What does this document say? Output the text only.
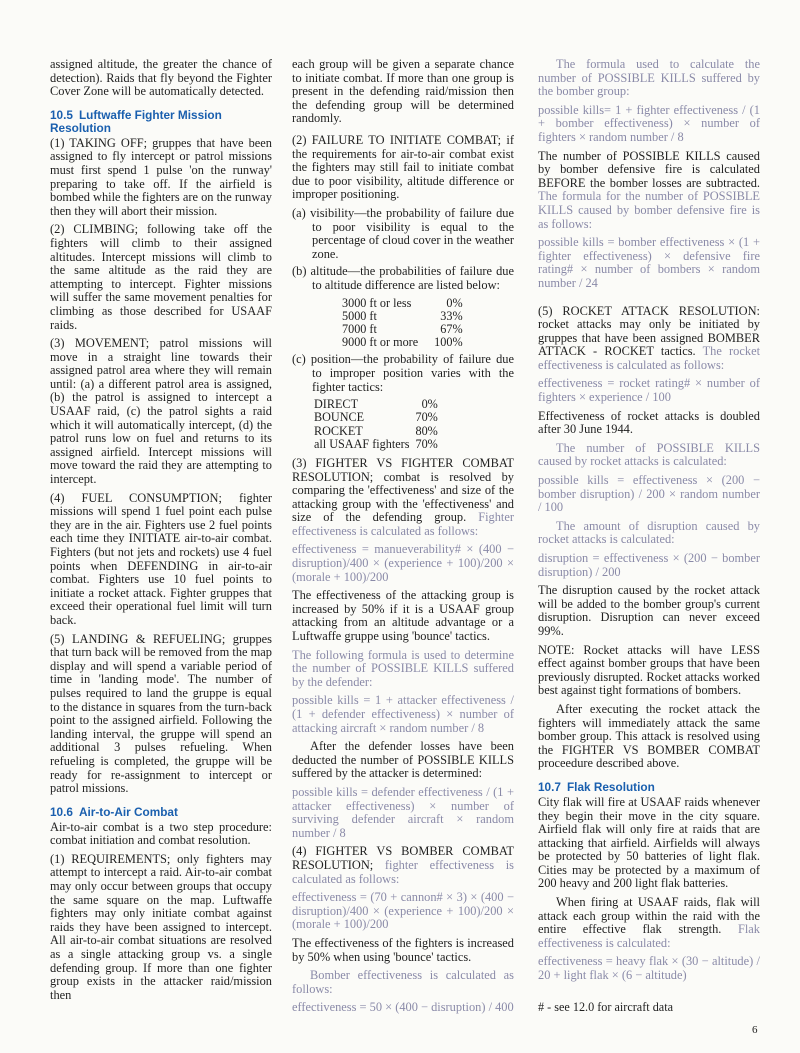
assigned altitude, the greater the chance of detection). Raids that fly beyond the Fighter Cover Zone will be automatically detected.

10.5 Luftwaffe Fighter Mission Resolution

(1) TAKING OFF; gruppes that have been assigned to fly intercept or patrol missions must first spend 1 pulse 'on the runway' preparing to take off. If the airfield is bombed while the fighters are on the runway then they will abort their mission.

(2) CLIMBING; following take off the fighters will climb to their assigned altitudes. Intercept missions will climb to the same altitude as the raid they are attempting to intercept. Fighter missions will suffer the same movement penalties for climbing as those described for USAAF raids.

(3) MOVEMENT; patrol missions will move in a straight line towards their assigned patrol area where they will remain until: (a) a different patrol area is assigned, (b) the patrol is assigned to intercept a USAAF raid, (c) the patrol sights a raid which it will automatically intercept, (d) the patrol runs low on fuel and returns to its assigned airfield. Intercept missions will move toward the raid they are attempting to intercept.

(4) FUEL CONSUMPTION; fighter missions will spend 1 fuel point each pulse they are in the air. Fighters use 2 fuel points each time they INITIATE air-to-air combat. Fighters (but not jets and rockets) use 4 fuel points when DEFENDING in air-to-air combat. Fighters use 10 fuel points to initiate a rocket attack. Fighter gruppes that exceed their operational fuel limit will turn back.

(5) LANDING & REFUELING; gruppes that turn back will be removed from the map display and will spend a variable period of time in 'landing mode'. The number of pulses required to land the gruppe is equal to the distance in squares from the turn-back point to the assigned airfield. Following the landing interval, the gruppe will spend an additional 3 pulses refueling. When refueling is completed, the gruppe will be ready for re-assignment to intercept or patrol missions.

10.6 Air-to-Air Combat

Air-to-air combat is a two step procedure: combat initiation and combat resolution.

(1) REQUIREMENTS; only fighters may attempt to intercept a raid. Air-to-air combat may only occur between groups that occupy the same square on the map. Luftwaffe fighters may only initiate combat against raids they have been assigned to intercept. All air-to-air combat situations are resolved as a single attacking group vs. a single defending group. If more than one fighter group exists in the attacker raid/mission then

each group will be given a separate chance to initiate combat. If more than one group is present in the defending raid/mission then the defending group will be determined randomly.

(2) FAILURE TO INITIATE COMBAT; if the requirements for air-to-air combat exist the fighters may still fail to initiate combat due to poor visibility, altitude difference or improper positioning.

(a) visibility—the probability of failure due to poor visibility is equal to the percentage of cloud cover in the weather zone.

(b) altitude—the probabilities of failure due to altitude difference are listed below:

3000 ft or less	0%
5000 ft	33%
7000 ft	67%
9000 ft or more	100%

(c) position—the probability of failure due to improper position varies with the fighter tactics:

DIRECT	0%
BOUNCE	70%
ROCKET	80%
all USAAF fighters	70%

(3) FIGHTER VS FIGHTER COMBAT RESOLUTION; combat is resolved by comparing the 'effectiveness' and size of the attacking group with the 'effectiveness' and size of the defending group. Fighter effectiveness is calculated as follows:

effectiveness = manueverability# × (400 − disruption)/400 × (experience + 100)/200 × (morale + 100)/200

The effectiveness of the attacking group is increased by 50% if it is a USAAF group attacking from an altitude advantage or a Luftwaffe gruppe using 'bounce' tactics.

The following formula is used to determine the number of POSSIBLE KILLS suffered by the defender:

possible kills = 1 + attacker effectiveness / (1 + defender effectiveness) × number of attacking aircraft × random number / 8

After the defender losses have been deducted the number of POSSIBLE KILLS suffered by the attacker is determined:

possible kills = defender effectiveness / (1 + attacker effectiveness) × number of surviving defender aircraft × random number / 8

(4) FIGHTER VS BOMBER COMBAT RESOLUTION; fighter effectiveness is calculated as follows:

effectiveness = (70 + cannon# × 3) × (400 − disruption)/400 × (experience + 100)/200 × (morale + 100)/200

The effectiveness of the fighters is increased by 50% when using 'bounce' tactics.

Bomber effectiveness is calculated as follows:

effectiveness = 50 × (400 − disruption) / 400

The formula used to calculate the number of POSSIBLE KILLS suffered by the bomber group:

possible kills= 1 + fighter effectiveness / (1 + bomber effectiveness) × number of fighters × random number / 8

The number of POSSIBLE KILLS caused by bomber defensive fire is calculated BEFORE the bomber losses are subtracted. The formula for the number of POSSIBLE KILLS caused by bomber defensive fire is as follows:

possible kills = bomber effectiveness × (1 + fighter effectiveness) × defensive fire rating# × number of bombers × random number / 24

(5) ROCKET ATTACK RESOLUTION: rocket attacks may only be initiated by gruppes that have been assigned BOMBER ATTACK - ROCKET tactics. The rocket effectiveness is calculated as follows:

effectiveness = rocket rating# × number of fighters × experience / 100

Effectiveness of rocket attacks is doubled after 30 June 1944.

The number of POSSIBLE KILLS caused by rocket attacks is calculated:

possible kills = effectiveness × (200 − bomber disruption) / 200 × random number / 100

The amount of disruption caused by rocket attacks is calculated:

disruption = effectiveness × (200 − bomber disruption) / 200

The disruption caused by the rocket attack will be added to the bomber group's current disruption. Disruption can never exceed 99%.

NOTE: Rocket attacks will have LESS effect against bomber groups that have been previously disrupted. Rocket attacks worked best against tight formations of bombers.

After executing the rocket attack the fighters will immediately attack the same bomber group. This attack is resolved using the FIGHTER VS BOMBER COMBAT proceedure described above.

10.7 Flak Resolution

City flak will fire at USAAF raids whenever they begin their move in the city square. Airfield flak will only fire at raids that are attacking that airfield. Airfields will always be protected by 50 batteries of light flak. Cities may be protected by a maximum of 200 heavy and 200 light flak batteries.

When firing at USAAF raids, flak will attack each group within the raid with the entire effective flak strength. Flak effectiveness is calculated:

effectiveness = heavy flak × (30 − altitude) / 20 + light flak × (6 − altitude)

# - see 12.0 for aircraft data
6
